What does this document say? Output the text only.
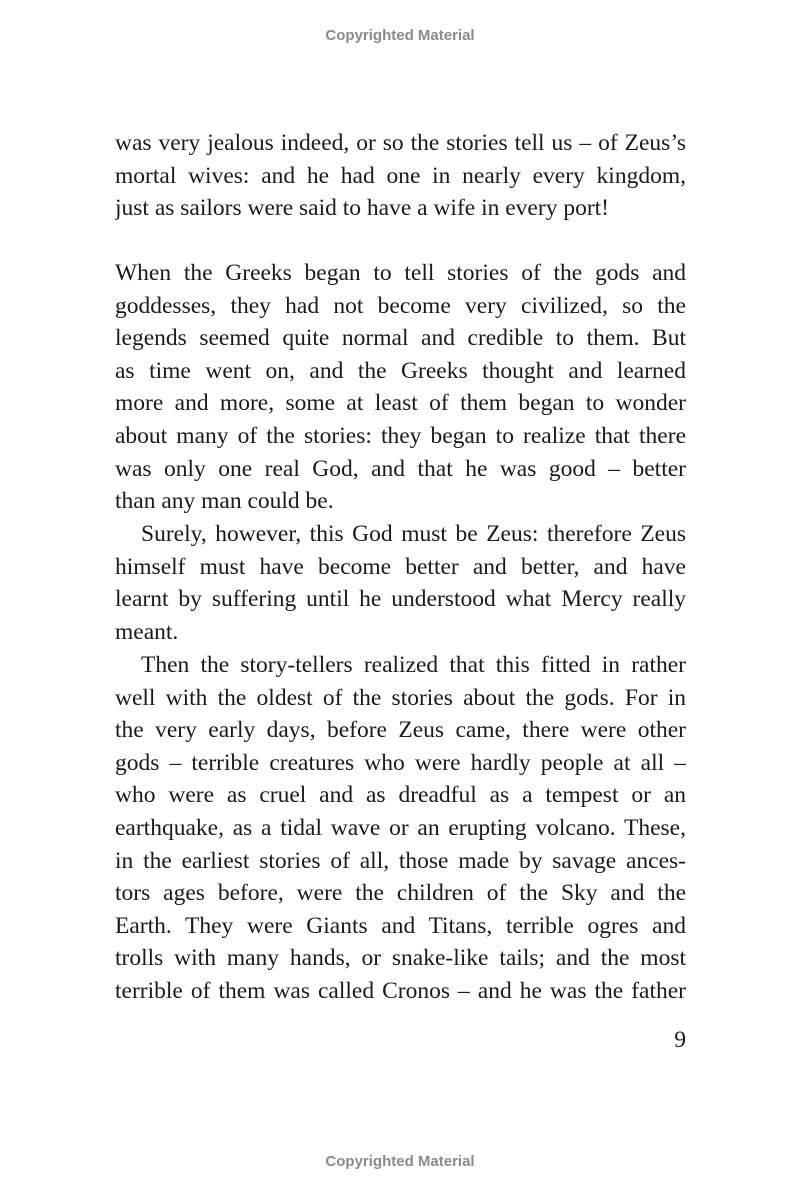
Copyrighted Material
was very jealous indeed, or so the stories tell us – of Zeus’s
mortal wives: and he had one in nearly every kingdom,
just as sailors were said to have a wife in every port!
When the Greeks began to tell stories of the gods and
goddesses, they had not become very civilized, so the
legends seemed quite normal and credible to them. But
as time went on, and the Greeks thought and learned
more and more, some at least of them began to wonder
about many of the stories: they began to realize that there
was only one real God, and that he was good – better
than any man could be.
Surely, however, this God must be Zeus: therefore Zeus
himself must have become better and better, and have
learnt by suffering until he understood what Mercy really
meant.
Then the story-tellers realized that this fitted in rather
well with the oldest of the stories about the gods. For in
the very early days, before Zeus came, there were other
gods – terrible creatures who were hardly people at all –
who were as cruel and as dreadful as a tempest or an
earthquake, as a tidal wave or an erupting volcano. These,
in the earliest stories of all, those made by savage ances-
tors ages before, were the children of the Sky and the
Earth. They were Giants and Titans, terrible ogres and
trolls with many hands, or snake-like tails; and the most
terrible of them was called Cronos – and he was the father
9
Copyrighted Material
